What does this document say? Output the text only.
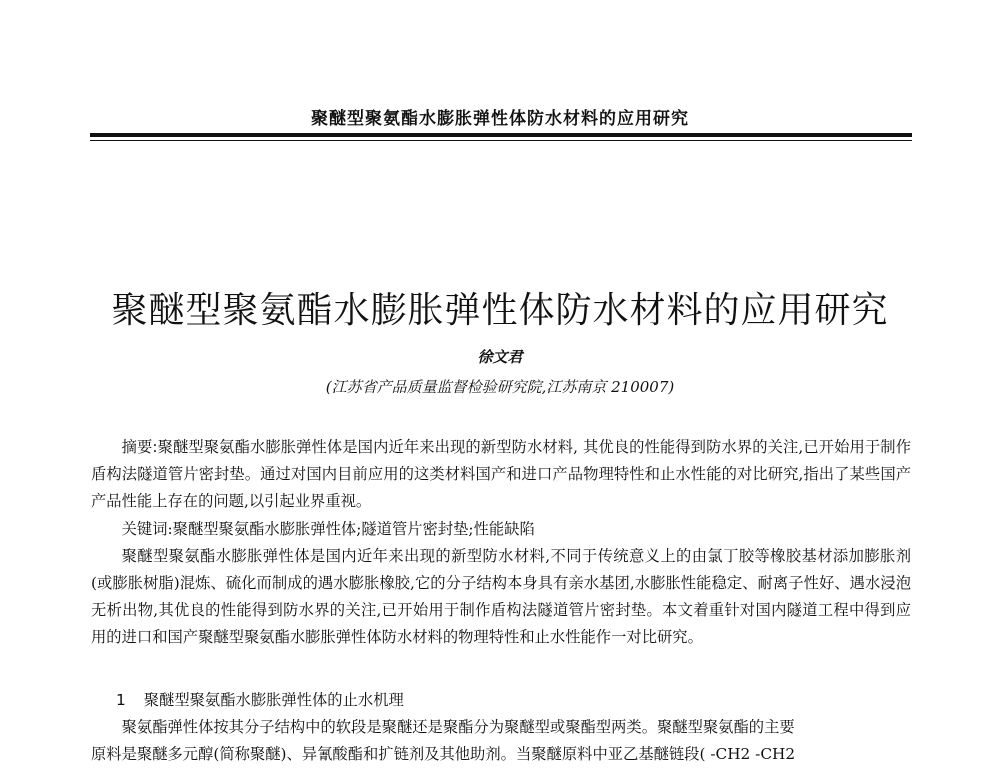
聚醚型聚氨酯水膨胀弹性体防水材料的应用研究
聚醚型聚氨酯水膨胀弹性体防水材料的应用研究
徐文君
(江苏省产品质量监督检验研究院,江苏南京 210007)

摘要:聚醚型聚氨酯水膨胀弹性体是国内近年来出现的新型防水材料, 其优良的性能得到防水界的关注,已开始用于制作盾构法隧道管片密封垫。通过对国内目前应用的这类材料国产和进口产品物理特性和止水性能的对比研究,指出了某些国产产品性能上存在的问题,以引起业界重视。

关键词:聚醚型聚氨酯水膨胀弹性体;隧道管片密封垫;性能缺陷

聚醚型聚氨酯水膨胀弹性体是国内近年来出现的新型防水材料,不同于传统意义上的由氯丁胶等橡胶基材添加膨胀剂(或膨胀树脂)混炼、硫化而制成的遇水膨胀橡胶,它的分子结构本身具有亲水基团,水膨胀性能稳定、耐离子性好、遇水浸泡无析出物,其优良的性能得到防水界的关注,已开始用于制作盾构法隧道管片密封垫。本文着重针对国内隧道工程中得到应用的进口和国产聚醚型聚氨酯水膨胀弹性体防水材料的物理特性和止水性能作一对比研究。

1 聚醚型聚氨酯水膨胀弹性体的止水机理

聚氨酯弹性体按其分子结构中的软段是聚醚还是聚酯分为聚醚型或聚酯型两类。聚醚型聚氨酯的主要

原料是聚醚多元醇(简称聚醚)、异氰酸酯和扩链剂及其他助剂。当聚醚原料中亚乙基醚链段( -CH2 -CH2
